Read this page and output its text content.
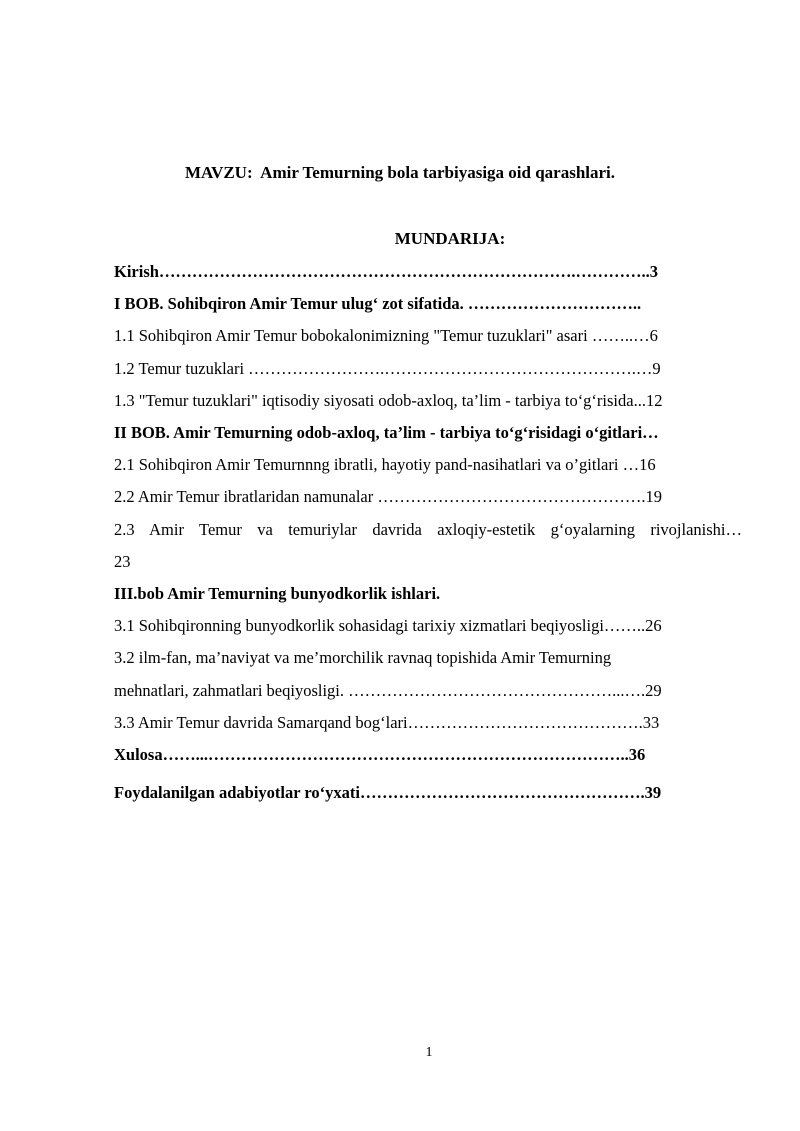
MAVZU:  Amir Temurning bola tarbiyasiga oid qarashlari.
MUNDARIJA:
Kirish………………………………………………………………….…………..3
I BOB. Sohibqiron Amir Temur ulug‘ zot sifatida. …………………………..
1.1 Sohibqiron Amir Temur bobokalonimizning "Temur tuzuklari" asari ……..…6
1.2 Temur tuzuklari …………………….……………………………………….…9
1.3 "Temur tuzuklari" iqtisodiy siyosati odob-axloq, ta’lim - tarbiya to‘g‘risida...12
II BOB. Amir Temurning odob-axloq, ta’lim - tarbiya to‘g‘risidagi o‘gitlari…
2.1 Sohibqiron Amir Temurnnng ibratli, hayotiy pand-nasihatlari va o’gitlari …16
2.2 Amir Temur ibratlaridan namunalar ………………………………………….19
2.3 Amir Temur va temuriylar davrida axloqiy-estetik g‘oyalarning rivojlanishi…
23
III.bob Amir Temurning bunyodkorlik ishlari.
3.1 Sohibqironning bunyodkorlik sohasidagi tarixiy xizmatlari beqiyosligi……..26
3.2 ilm-fan, ma’naviyat va me’morchilik ravnaq topishida Amir Temurning
mehnatlari, zahmatlari beqiyosligi. …………………………………………...….29
3.3 Amir Temur davrida Samarqand bog‘lari…………………………………….33
Xulosa……...…………………………………………………………………..36
Foydalanilgan adabiyotlar ro‘yxati…………………………………………….39
1
